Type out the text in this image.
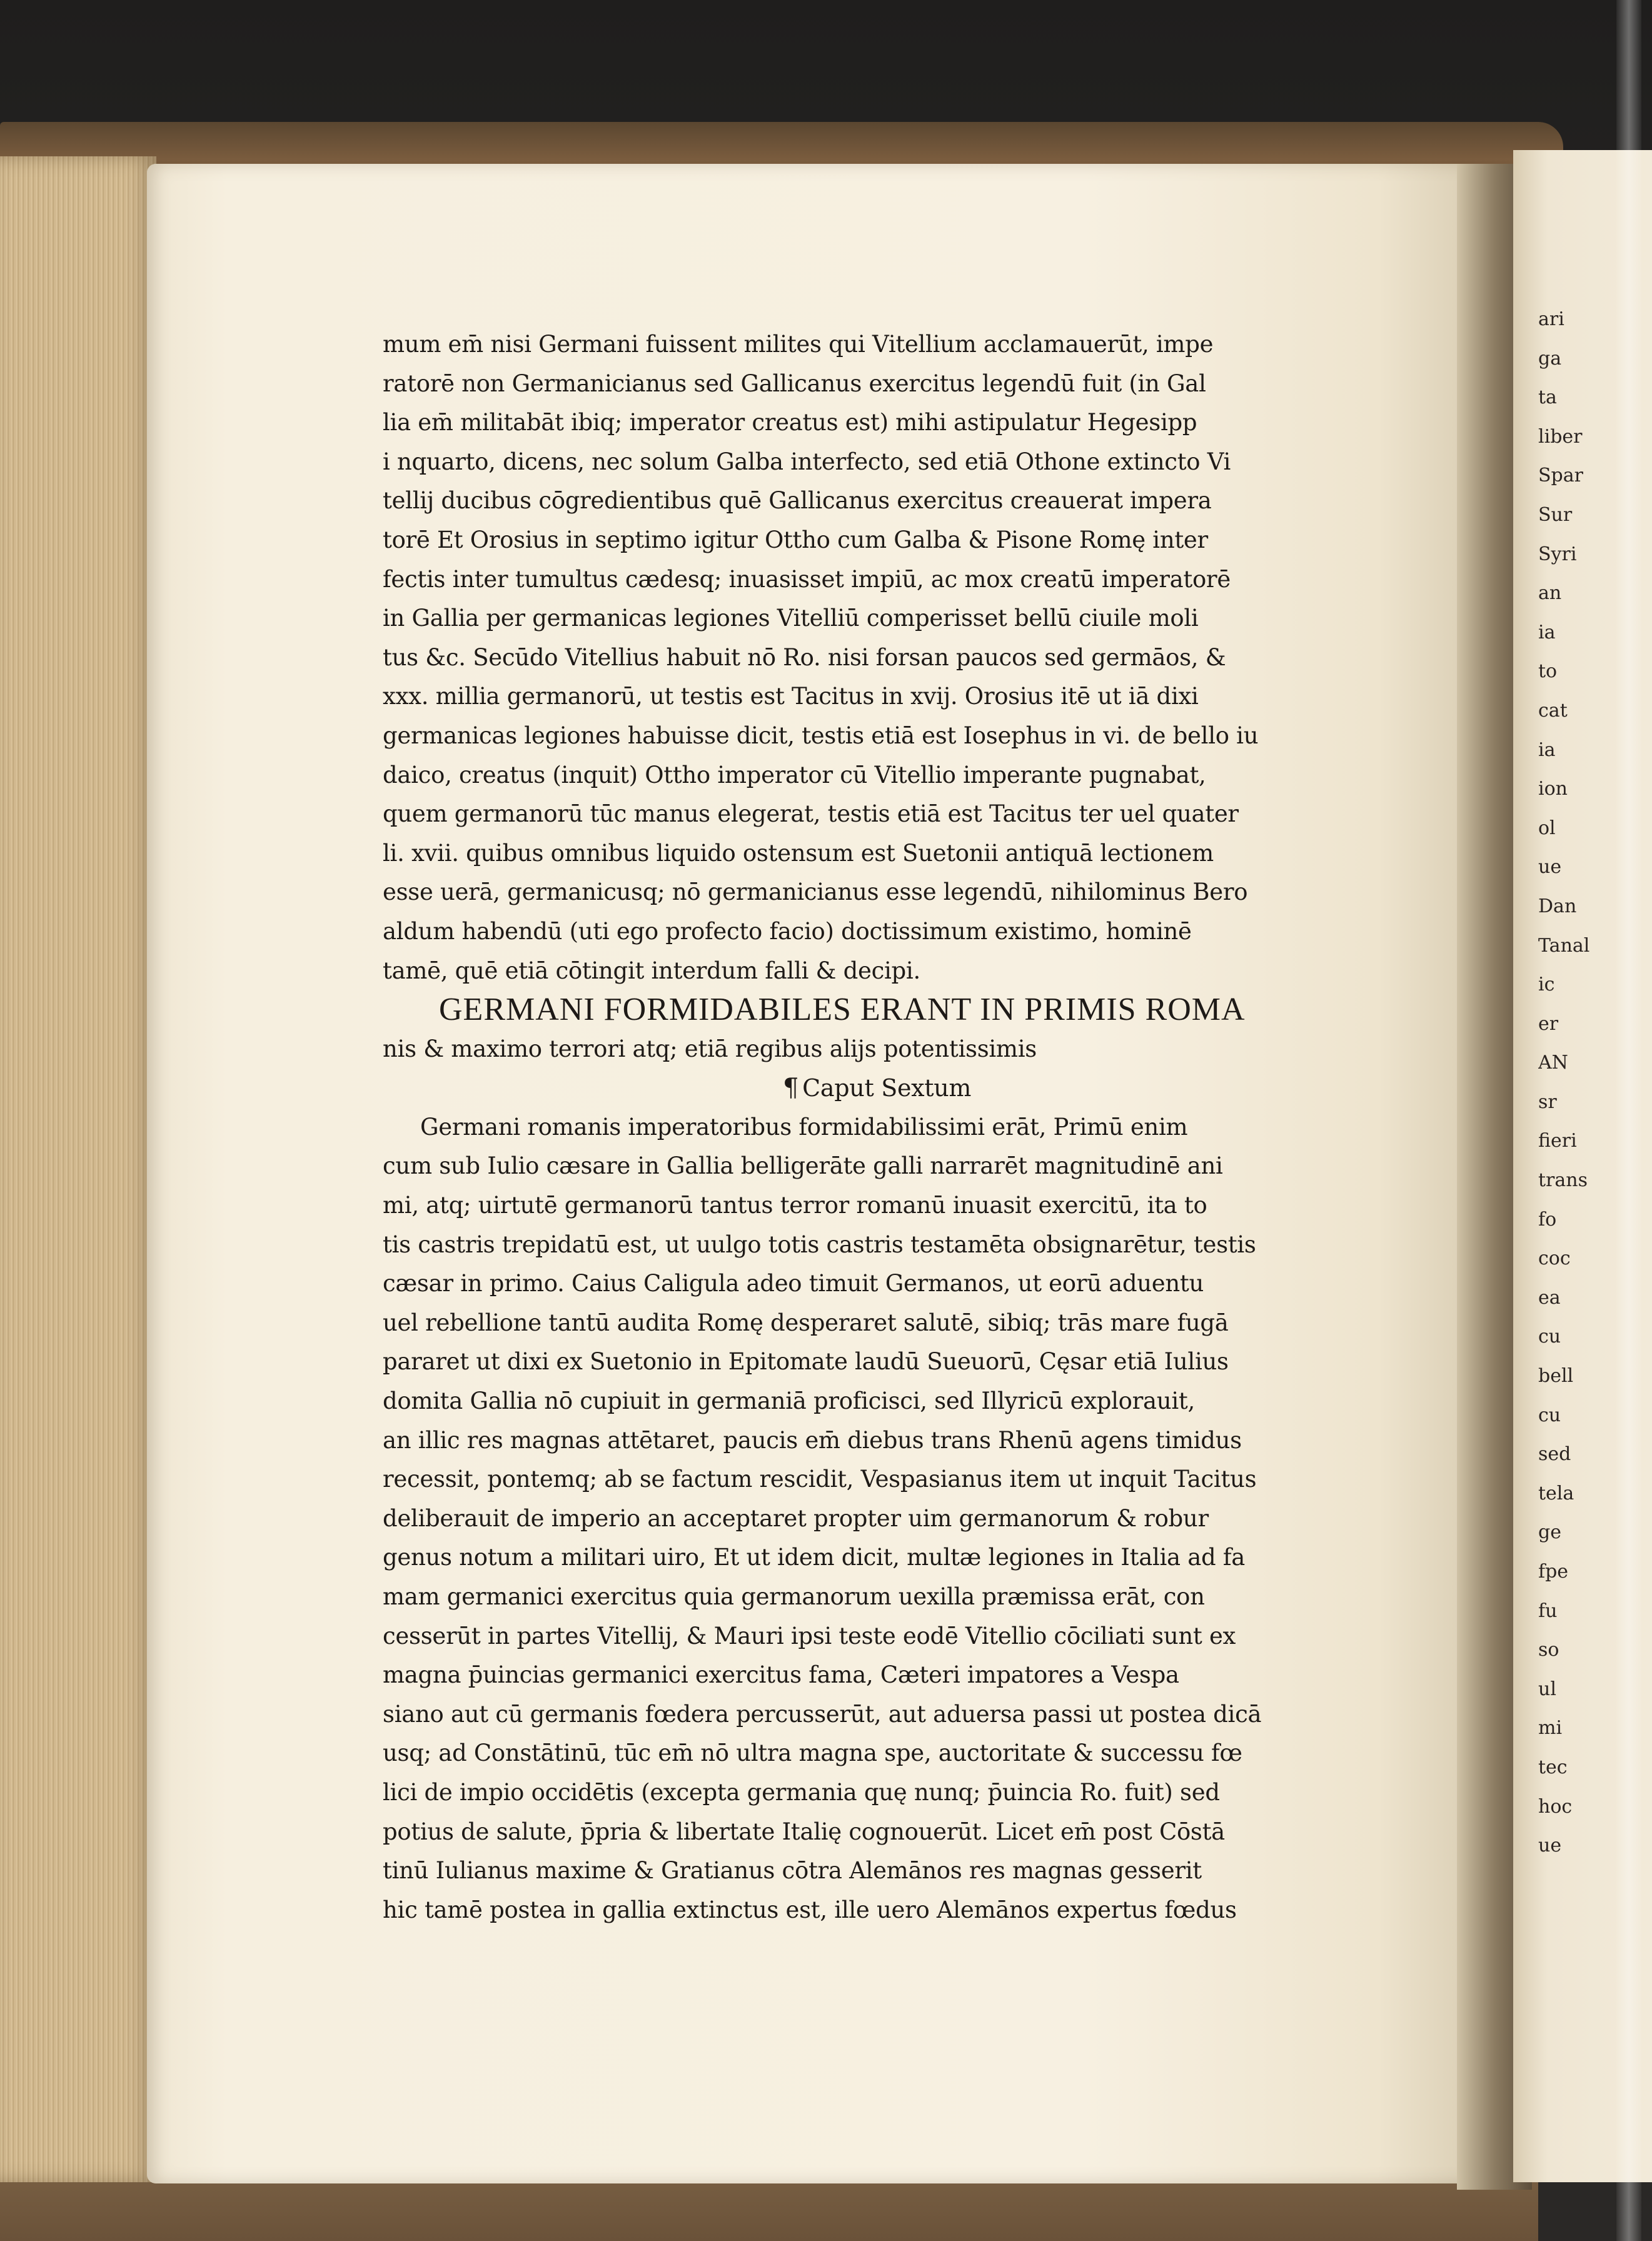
ari
ga
ta
liber
Spar
Sur
Syri
an
ia
to
cat
ia
ion
ol
ue
Dan
Tanal
ic
er
AN
sr
fieri
trans
fo
coc
ea
cu
bell
cu
sed
tela
ge
fpe
fu
so
ul
mi
tec
hoc
ue
mum em̄ nisi Germani fuissent milites qui Vitellium acclamauerūt, impe
ratorē non Germanicianus sed Gallicanus exercitus legendū fuit (in Gal
lia em̄ militabāt ibiq; imperator creatus est) mihi astipulatur Hegesipp
i nquarto, dicens, nec solum Galba interfecto, sed etiā Othone extincto Vi
tellij ducibus cōgredientibus quē Gallicanus exercitus creauerat impera
torē Et Orosius in septimo igitur Ottho cum Galba & Pisone Romę inter
fectis inter tumultus cædesq; inuasisset impiū, ac mox creatū imperatorē
in Gallia per germanicas legiones Vitelliū comperisset bellū ciuile moli
tus &c. Secūdo Vitellius habuit nō Ro. nisi forsan paucos sed germāos, &
xxx. millia germanorū, ut testis est Tacitus in xvij. Orosius itē ut iā dixi
germanicas legiones habuisse dicit, testis etiā est Iosephus in vi. de bello iu
daico, creatus (inquit) Ottho imperator cū Vitellio imperante pugnabat,
quem germanorū tūc manus elegerat, testis etiā est Tacitus ter uel quater
li. xvii. quibus omnibus liquido ostensum est Suetonii antiquā lectionem
esse uerā, germanicusq; nō germanicianus esse legendū, nihilominus Bero
aldum habendū (uti ego profecto facio) doctissimum existimo, hominē
tamē, quē etiā cōtingit interdum falli & decipi.
GERMANI FORMIDABILES ERANT IN PRIMIS ROMA
nis & maximo terrori atq; etiā regibus alijs potentissimis
¶ Caput Sextum
Germani romanis imperatoribus formidabilissimi erāt, Primū enim
cum sub Iulio cæsare in Gallia belligerāte galli narrarēt magnitudinē ani
mi, atq; uirtutē germanorū tantus terror romanū inuasit exercitū, ita to
tis castris trepidatū est, ut uulgo totis castris testamēta obsignarētur, testis
cæsar in primo. Caius Caligula adeo timuit Germanos, ut eorū aduentu
uel rebellione tantū audita Romę desperaret salutē, sibiq; trās mare fugā
pararet ut dixi ex Suetonio in Epitomate laudū Sueuorū, Cęsar etiā Iulius
domita Gallia nō cupiuit in germaniā proficisci, sed Illyricū explorauit,
an illic res magnas attētaret, paucis em̄ diebus trans Rhenū agens timidus
recessit, pontemq; ab se factum rescidit, Vespasianus item ut inquit Tacitus
deliberauit de imperio an acceptaret propter uim germanorum & robur
genus notum a militari uiro, Et ut idem dicit, multæ legiones in Italia ad fa
mam germanici exercitus quia germanorum uexilla præmissa erāt, con
cesserūt in partes Vitellij, & Mauri ipsi teste eodē Vitellio cōciliati sunt ex
magna p̄uincias germanici exercitus fama, Cæteri impatores a Vespa
siano aut cū germanis fœdera percusserūt, aut aduersa passi ut postea dicā
usq; ad Constātinū, tūc em̄ nō ultra magna spe, auctoritate & successu fœ
lici de impio occidētis (excepta germania quę nunq; p̄uincia Ro. fuit) sed
potius de salute, p̄pria & libertate Italię cognouerūt. Licet em̄ post Cōstā
tinū Iulianus maxime & Gratianus cōtra Alemānos res magnas gesserit
hic tamē postea in gallia extinctus est, ille uero Alemānos expertus fœdus
